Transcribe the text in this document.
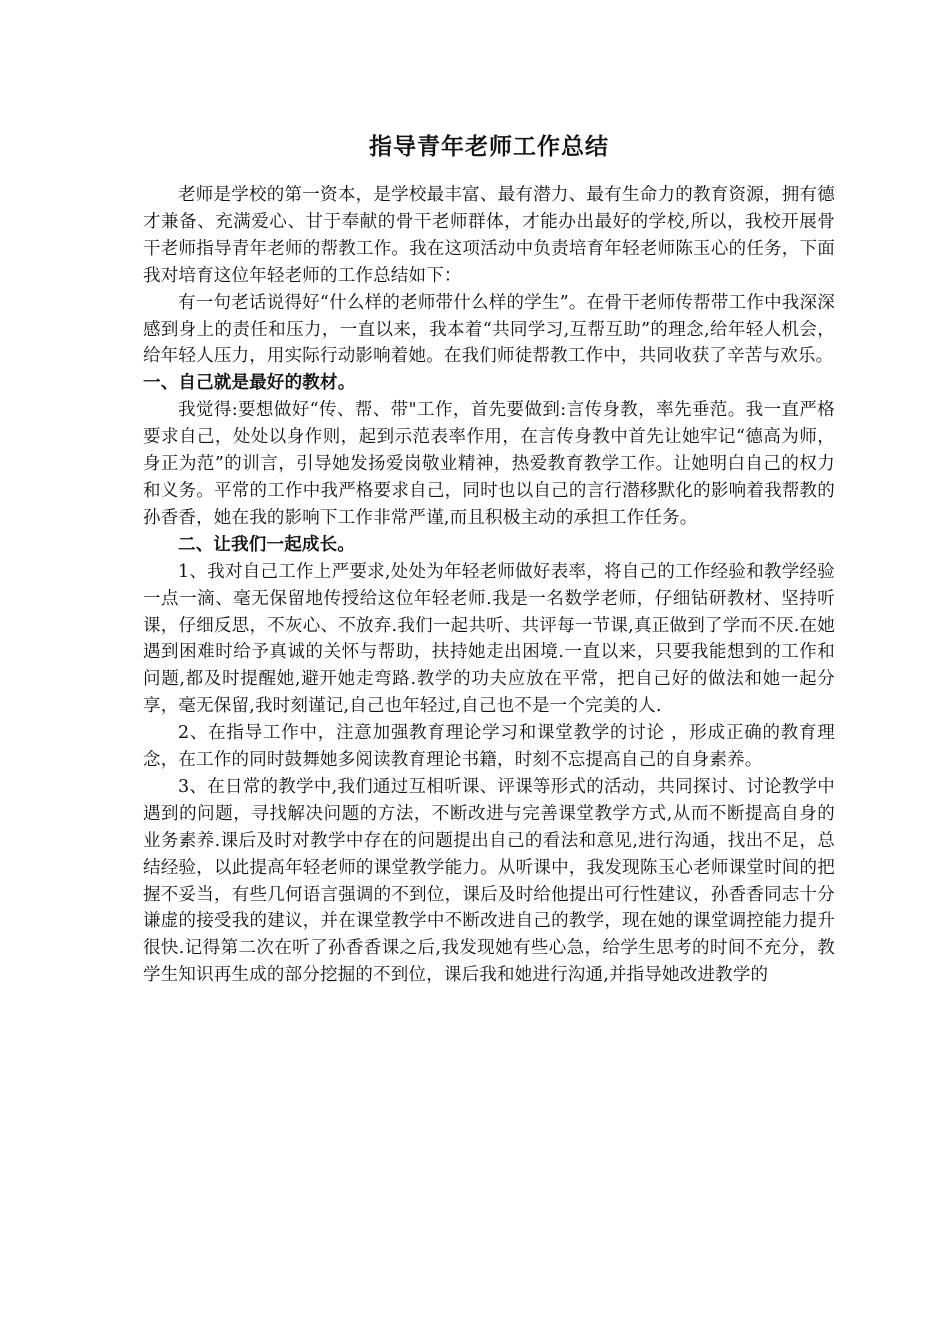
指导青年老师工作总结

老师是学校的第一资本，是学校最丰富、最有潜力、最有生命力的教育资源，拥有德才兼备、充满爱心、甘于奉献的骨干老师群体，才能办出最好的学校,所以，我校开展骨干老师指导青年老师的帮教工作。我在这项活动中负责培育年轻老师陈玉心的任务，下面我对培育这位年轻老师的工作总结如下：

有一句老话说得好“什么样的老师带什么样的学生”。在骨干老师传帮带工作中我深深感到身上的责任和压力，一直以来，我本着“共同学习,互帮互助”的理念,给年轻人机会，给年轻人压力，用实际行动影响着她。在我们师徒帮教工作中，共同收获了辛苦与欢乐。

一、自己就是最好的教材。

我觉得:要想做好“传、帮、带"工作，首先要做到:言传身教，率先垂范。我一直严格要求自己，处处以身作则，起到示范表率作用，在言传身教中首先让她牢记“德高为师，身正为范”的训言，引导她发扬爱岗敬业精神，热爱教育教学工作。让她明白自己的权力和义务。平常的工作中我严格要求自己，同时也以自己的言行潜移默化的影响着我帮教的孙香香，她在我的影响下工作非常严谨,而且积极主动的承担工作任务。

二、让我们一起成长。

1、我对自己工作上严要求,处处为年轻老师做好表率，将自己的工作经验和教学经验一点一滴、毫无保留地传授给这位年轻老师.我是一名数学老师，仔细钻研教材、坚持听课，仔细反思，不灰心、不放弃.我们一起共听、共评每一节课,真正做到了学而不厌.在她遇到困难时给予真诚的关怀与帮助，扶持她走出困境.一直以来，只要我能想到的工作和问题,都及时提醒她,避开她走弯路.教学的功夫应放在平常，把自己好的做法和她一起分享，毫无保留,我时刻谨记,自己也年轻过,自己也不是一个完美的人.

2、在指导工作中，注意加强教育理论学习和课堂教学的讨论 ，形成正确的教育理念，在工作的同时鼓舞她多阅读教育理论书籍，时刻不忘提高自己的自身素养。

3、在日常的教学中,我们通过互相听课、评课等形式的活动，共同探讨、讨论教学中遇到的问题，寻找解决问题的方法，不断改进与完善课堂教学方式,从而不断提高自身的业务素养.课后及时对教学中存在的问题提出自己的看法和意见,进行沟通，找出不足，总结经验，以此提高年轻老师的课堂教学能力。从听课中，我发现陈玉心老师课堂时间的把握不妥当，有些几何语言强调的不到位，课后及时给他提出可行性建议，孙香香同志十分谦虚的接受我的建议，并在课堂教学中不断改进自己的教学，现在她的课堂调控能力提升很快.记得第二次在听了孙香香课之后,我发现她有些心急，给学生思考的时间不充分，教学生知识再生成的部分挖掘的不到位，课后我和她进行沟通,并指导她改进教学的
